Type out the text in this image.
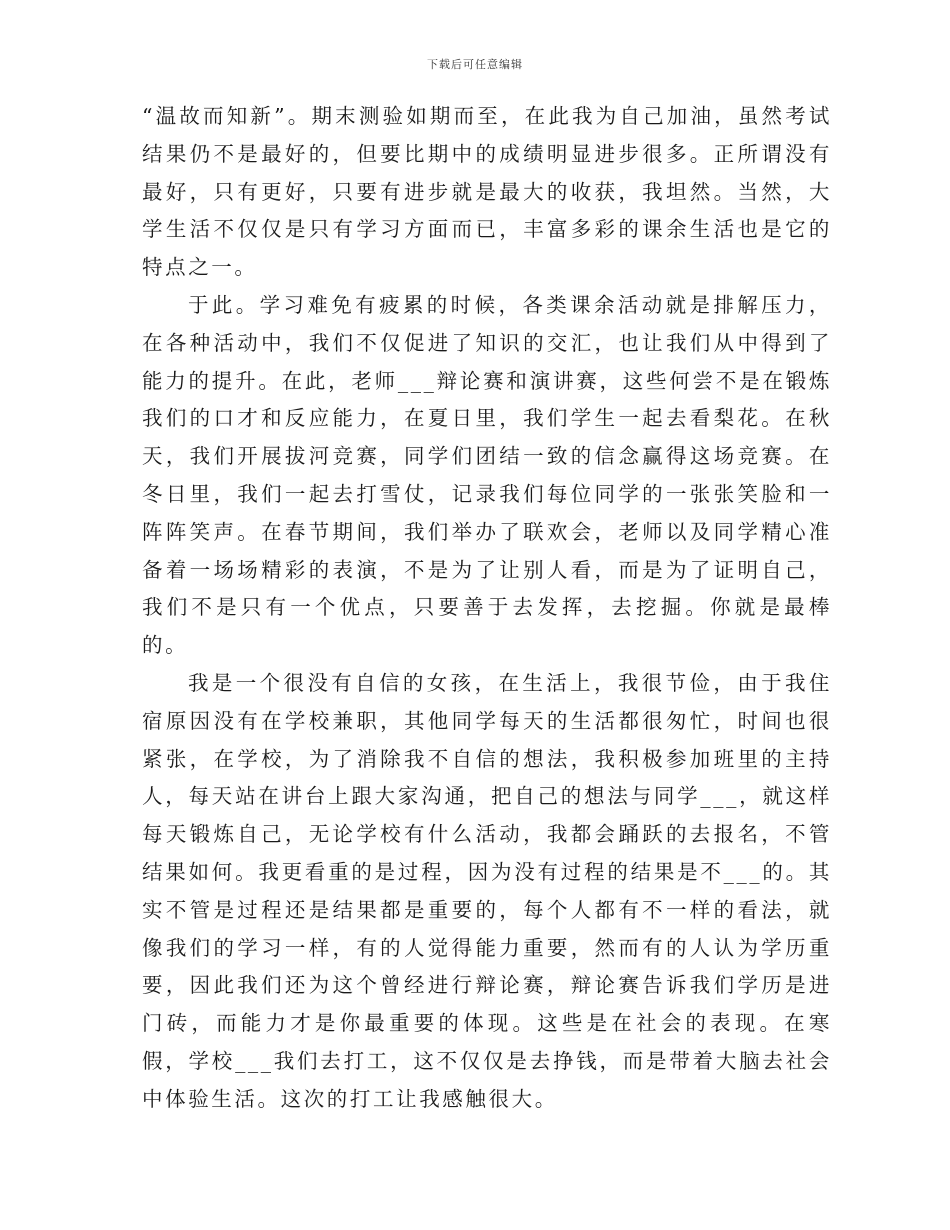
下载后可任意编辑

“温故而知新”。期末测验如期而至，在此我为自己加油，虽然考试结果仍不是最好的，但要比期中的成绩明显进步很多。正所谓没有最好，只有更好，只要有进步就是最大的收获，我坦然。当然，大学生活不仅仅是只有学习方面而已，丰富多彩的课余生活也是它的特点之一。

于此。学习难免有疲累的时候，各类课余活动就是排解压力，在各种活动中，我们不仅促进了知识的交汇，也让我们从中得到了能力的提升。在此，老师___辩论赛和演讲赛，这些何尝不是在锻炼我们的口才和反应能力，在夏日里，我们学生一起去看梨花。在秋天，我们开展拔河竞赛，同学们团结一致的信念赢得这场竞赛。在冬日里，我们一起去打雪仗，记录我们每位同学的一张张笑脸和一阵阵笑声。在春节期间，我们举办了联欢会，老师以及同学精心准备着一场场精彩的表演，不是为了让别人看，而是为了证明自己，我们不是只有一个优点，只要善于去发挥，去挖掘。你就是最棒的。

我是一个很没有自信的女孩，在生活上，我很节俭，由于我住宿原因没有在学校兼职，其他同学每天的生活都很匆忙，时间也很紧张，在学校，为了消除我不自信的想法，我积极参加班里的主持人，每天站在讲台上跟大家沟通，把自己的想法与同学___，就这样每天锻炼自己，无论学校有什么活动，我都会踊跃的去报名，不管结果如何。我更看重的是过程，因为没有过程的结果是不___的。其实不管是过程还是结果都是重要的，每个人都有不一样的看法，就像我们的学习一样，有的人觉得能力重要，然而有的人认为学历重要，因此我们还为这个曾经进行辩论赛，辩论赛告诉我们学历是进门砖，而能力才是你最重要的体现。这些是在社会的表现。在寒假，学校___我们去打工，这不仅仅是去挣钱，而是带着大脑去社会中体验生活。这次的打工让我感触很大。
